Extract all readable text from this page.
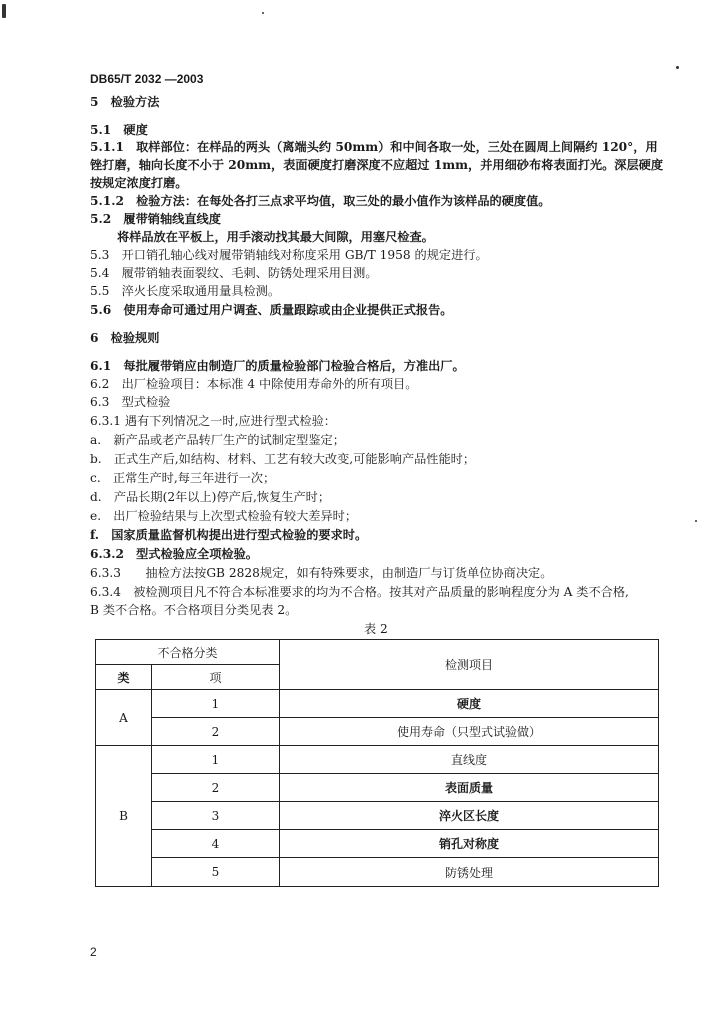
DB65/T 2032 —2003
5　检验方法
5.1　硬度
5.1.1　取样部位：在样品的两头（离端头约 50mm）和中间各取一处，三处在圆周上间隔约 120°，用
锉打磨，轴向长度不小于 20mm，表面硬度打磨深度不应超过 1mm，并用细砂布将表面打光。深层硬度
按规定浓度打磨。
5.1.2　检验方法：在每处各打三点求平均值，取三处的最小值作为该样品的硬度值。
5.2　履带销轴线直线度
将样品放在平板上，用手滚动找其最大间隙，用塞尺检查。
5.3　开口销孔轴心线对履带销轴线对称度采用 GB/T 1958 的规定进行。
5.4　履带销轴表面裂纹、毛刺、防锈处理采用目测。
5.5　淬火长度采取通用量具检测。
5.6　使用寿命可通过用户调查、质量跟踪或由企业提供正式报告。
6　检验规则
6.1　每批履带销应由制造厂的质量检验部门检验合格后，方准出厂。
6.2　出厂检验项目：本标准 4 中除使用寿命外的所有项目。
6.3　型式检验
6.3.1 遇有下列情况之一时,应进行型式检验：
a.　新产品或老产品转厂生产的试制定型鉴定；
b.　正式生产后,如结构、材料、工艺有较大改变,可能影响产品性能时；
c.　正常生产时,每三年进行一次；
d.　产品长期(2年以上)停产后,恢复生产时；
e.　出厂检验结果与上次型式检验有较大差异时；
f.　国家质量监督机构提出进行型式检验的要求时。
6.3.2　型式检验应全项检验。
6.3.3　　抽检方法按GB 2828规定，如有特殊要求，由制造厂与订货单位协商决定。
6.3.4　被检测项目凡不符合本标准要求的均为不合格。按其对产品质量的影响程度分为 A 类不合格,
B 类不合格。不合格项目分类见表 2。
表 2
不合格分类		检测项目
类	项	
A	1	硬度
	2	使用寿命（只型式试验做）
B	1	直线度
	2	表面质量
	3	淬火区长度
	4	销孔对称度
	5	防锈处理
2
